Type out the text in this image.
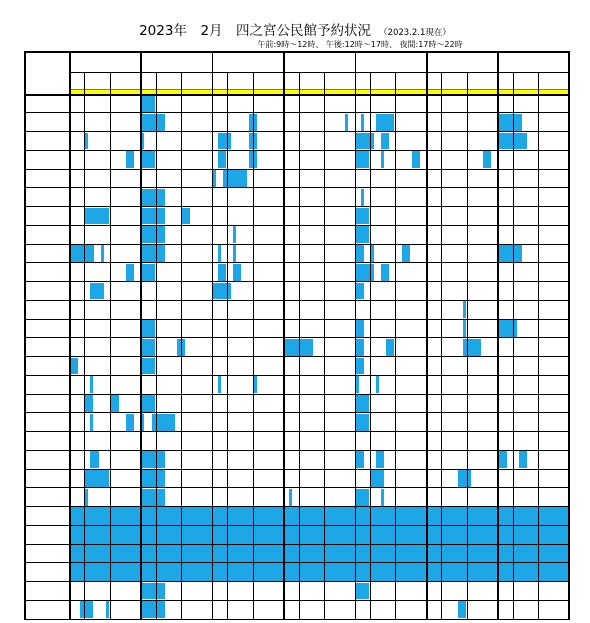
2023年　2月　四之宮公民館予約状況 （2023.2.1現在）
午前:9時～12時、 午後:12時～17時、 夜間:17時～22時
